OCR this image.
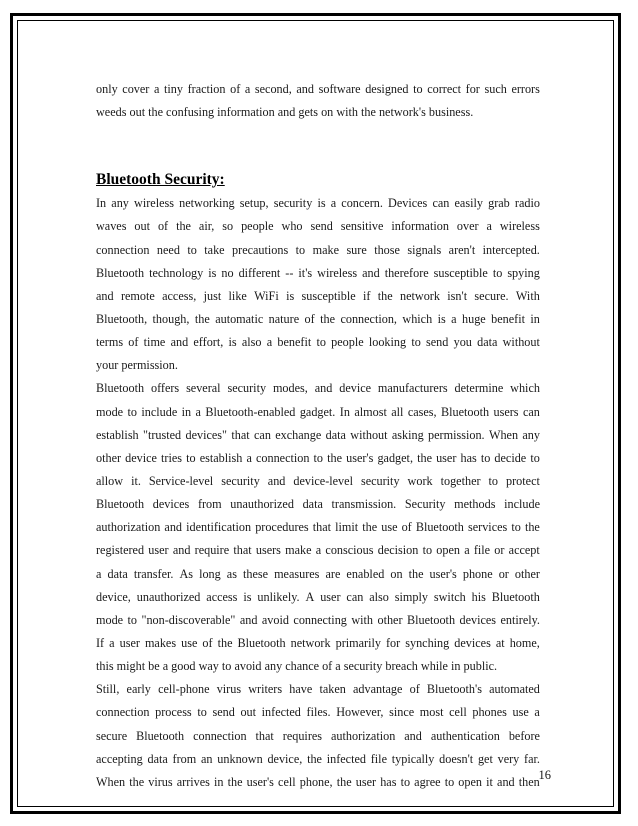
only cover a tiny fraction of a second, and software designed to correct for such errors
weeds out the confusing information and gets on with the network's business.
Bluetooth Security:
In any wireless networking setup, security is a concern. Devices can easily grab radio
waves out of the air, so people who send sensitive information over a wireless
connection need to take precautions to make sure those signals aren't intercepted.
Bluetooth technology is no different -- it's wireless and therefore susceptible to spying
and remote access, just like WiFi is susceptible if the network isn't secure. With
Bluetooth, though, the automatic nature of the connection, which is a huge benefit in
terms of time and effort, is also a benefit to people looking to send you data without
your permission.
Bluetooth offers several security modes, and device manufacturers determine which
mode to include in a Bluetooth-enabled gadget. In almost all cases, Bluetooth users can
establish "trusted devices" that can exchange data without asking permission. When any
other device tries to establish a connection to the user's gadget, the user has to decide to
allow it. Service-level security and device-level security work together to protect
Bluetooth devices from unauthorized data transmission. Security methods include
authorization and identification procedures that limit the use of Bluetooth services to the
registered user and require that users make a conscious decision to open a file or accept
a data transfer. As long as these measures are enabled on the user's phone or other
device, unauthorized access is unlikely. A user can also simply switch his Bluetooth
mode to "non-discoverable" and avoid connecting with other Bluetooth devices entirely.
If a user makes use of the Bluetooth network primarily for synching devices at home,
this might be a good way to avoid any chance of a security breach while in public.
Still, early cell-phone virus writers have taken advantage of Bluetooth's automated
connection process to send out infected files. However, since most cell phones use a
secure Bluetooth connection that requires authorization and authentication before
accepting data from an unknown device, the infected file typically doesn't get very far.
When the virus arrives in the user's cell phone, the user has to agree to open it and then
16
